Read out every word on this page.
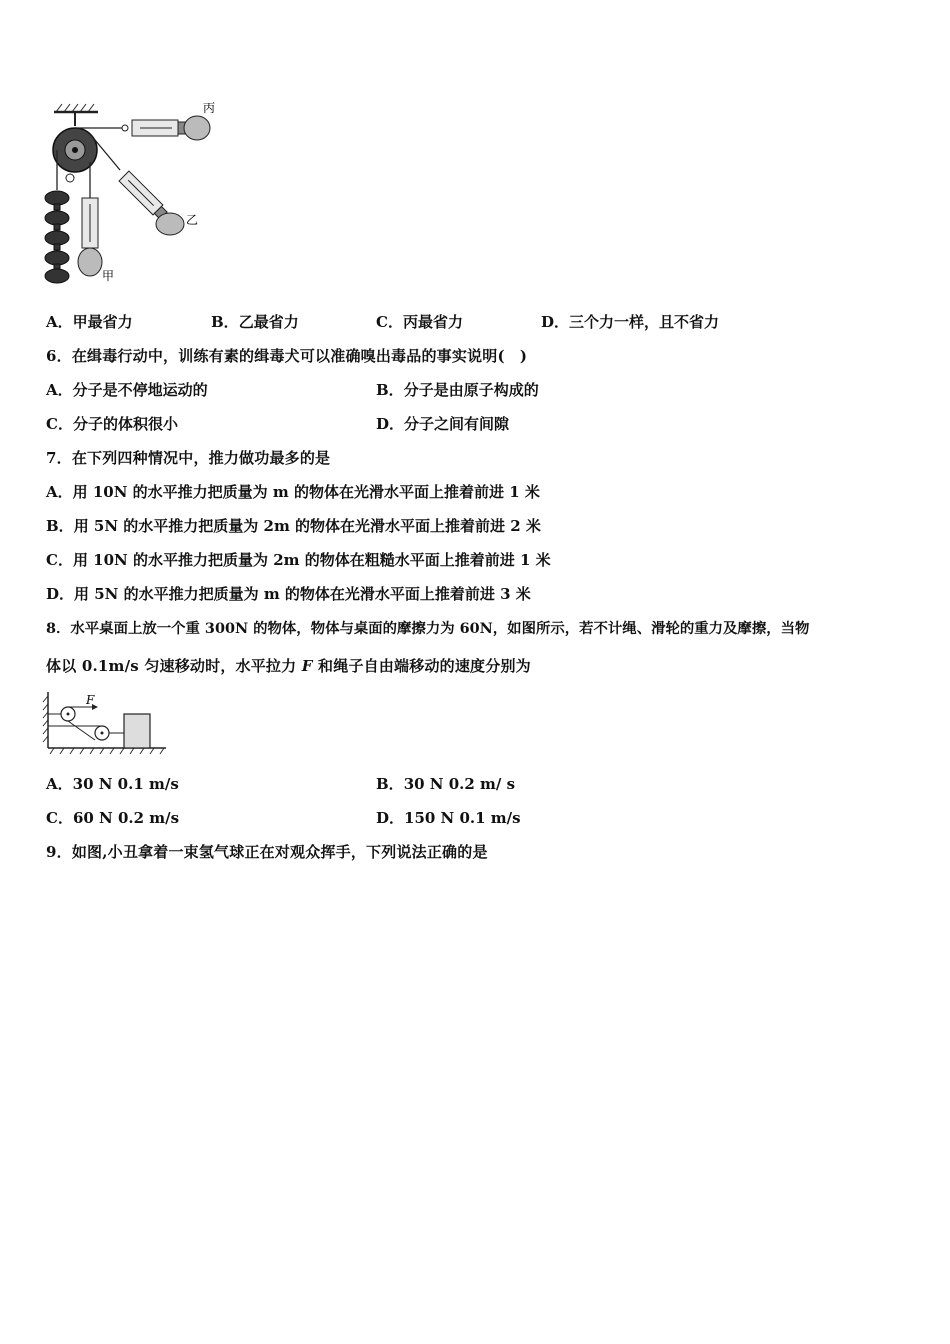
丙
乙
甲
A．甲最省力	B．乙最省力	C．丙最省力	D．三个力一样，且不省力
6．在缉毒行动中，训练有素的缉毒犬可以准确嗅出毒品的事实说明(　)
A．分子是不停地运动的	B．分子是由原子构成的
C．分子的体积很小	D．分子之间有间隙
7．在下列四种情况中，推力做功最多的是
A．用 10N 的水平推力把质量为 m 的物体在光滑水平面上推着前进 1 米
B．用 5N 的水平推力把质量为 2m 的物体在光滑水平面上推着前进 2 米
C．用 10N 的水平推力把质量为 2m 的物体在粗糙水平面上推着前进 1 米
D．用 5N 的水平推力把质量为 m 的物体在光滑水平面上推着前进 3 米
8．水平桌面上放一个重 300N 的物体，物体与桌面的摩擦力为 60N，如图所示，若不计绳、滑轮的重力及摩擦，当物
体以 0.1m/s 匀速移动时，水平拉力 F 和绳子自由端移动的速度分别为
F
A．30 N 0.1 m/s	B．30 N 0.2 m/ s
C．60 N 0.2 m/s	D．150 N 0.1 m/s
9．如图,小丑拿着一束氢气球正在对观众挥手，下列说法正确的是
